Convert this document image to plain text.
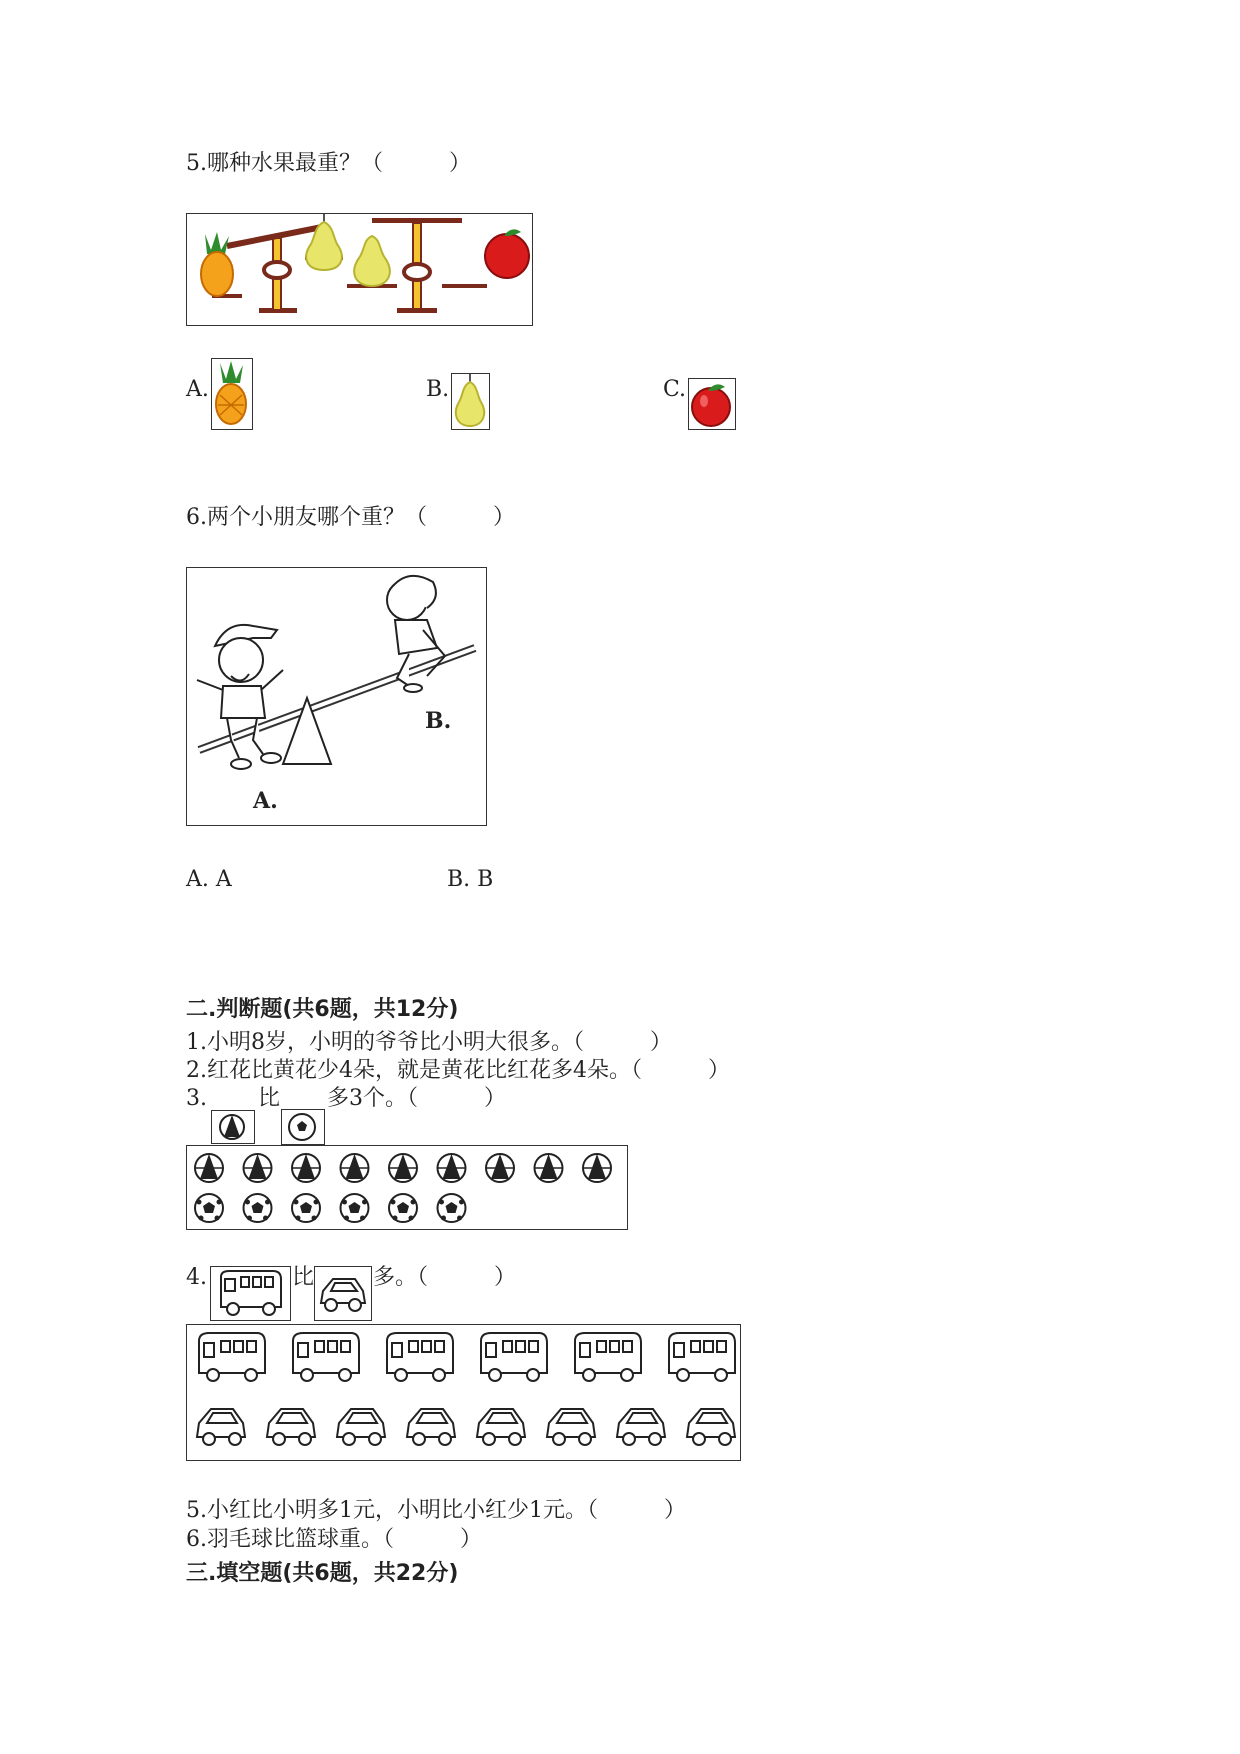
5.哪种水果最重？（　　　）
A.	B.	C.
6.两个小朋友哪个重？（　　　）
A.
B.
A. A	B. B
二.判断题(共6题，共12分)
1.小明8岁，小明的爷爷比小明大很多。（　　　）
2.红花比黄花少4朵，就是黄花比红花多4朵。（　　　）
3. 比 多3个。（　　　）
4.	比	多。（　　　）
5.小红比小明多1元，小明比小红少1元。（　　　）
6.羽毛球比篮球重。（　　　）
三.填空题(共6题，共22分)
